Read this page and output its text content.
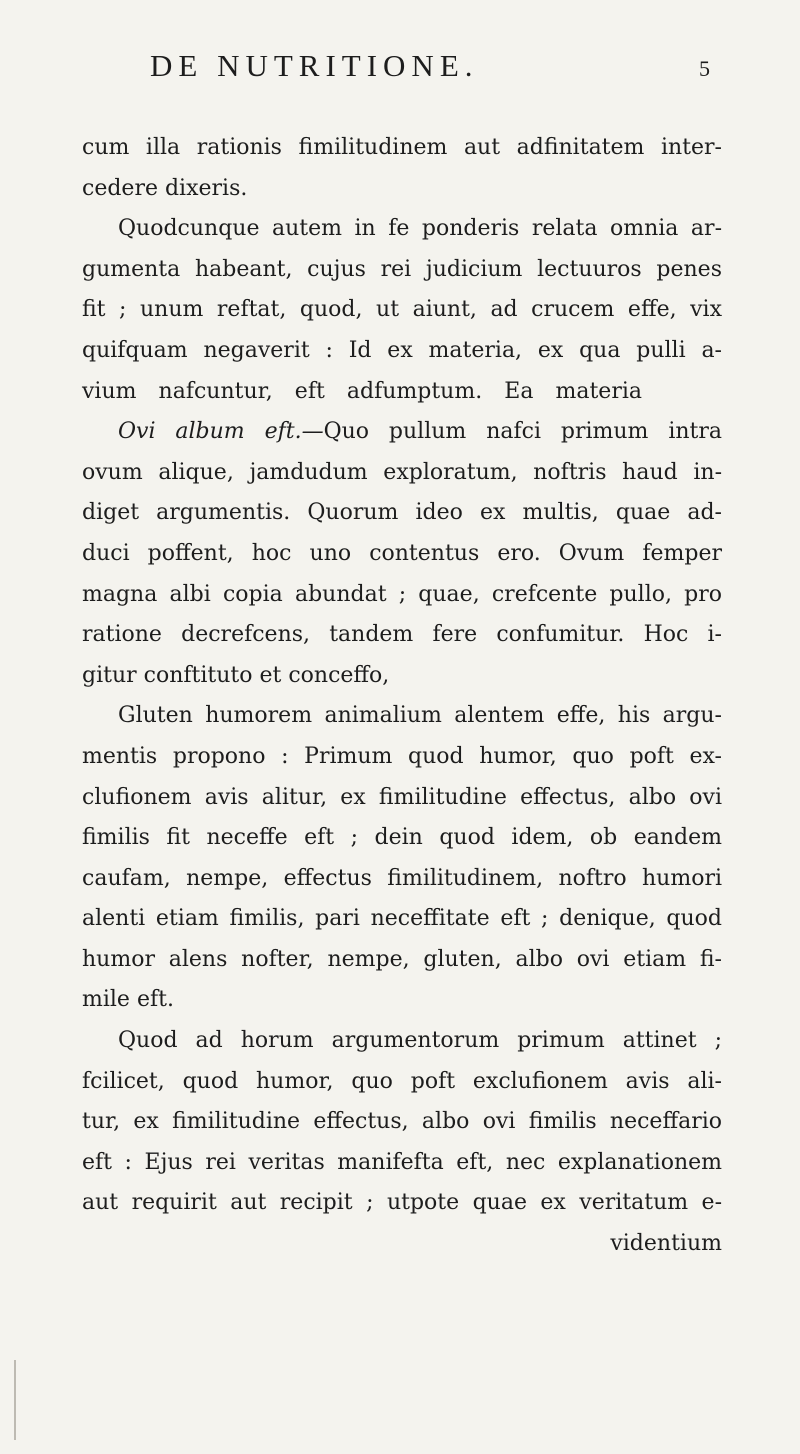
DE NUTRITIONE.	5
cum illa rationis fimilitudinem aut adfinitatem inter-
cedere dixeris.
Quodcunque autem in fe ponderis relata omnia ar-
gumenta habeant, cujus rei judicium lectuuros penes
fit ; unum reftat, quod, ut aiunt, ad crucem effe, vix
quifquam negaverit : Id ex materia, ex qua pulli a-
vium nafcuntur, eft adfumptum. Ea materia
Ovi album eft.—Quo pullum nafci primum intra
ovum alique, jamdudum exploratum, noftris haud in-
diget argumentis. Quorum ideo ex multis, quae ad-
duci poffent, hoc uno contentus ero. Ovum femper
magna albi copia abundat ; quae, crefcente pullo, pro
ratione decrefcens, tandem fere confumitur. Hoc i-
gitur conftituto et conceffo,
Gluten humorem animalium alentem effe, his argu-
mentis propono : Primum quod humor, quo poft ex-
clufionem avis alitur, ex fimilitudine effectus, albo ovi
fimilis fit neceffe eft ; dein quod idem, ob eandem
caufam, nempe, effectus fimilitudinem, noftro humori
alenti etiam fimilis, pari neceffitate eft ; denique, quod
humor alens nofter, nempe, gluten, albo ovi etiam fi-
mile eft.
Quod ad horum argumentorum primum attinet ;
fcilicet, quod humor, quo poft exclufionem avis ali-
tur, ex fimilitudine effectus, albo ovi fimilis neceffario
eft : Ejus rei veritas manifefta eft, nec explanationem
aut requirit aut recipit ; utpote quae ex veritatum e-
videntium
